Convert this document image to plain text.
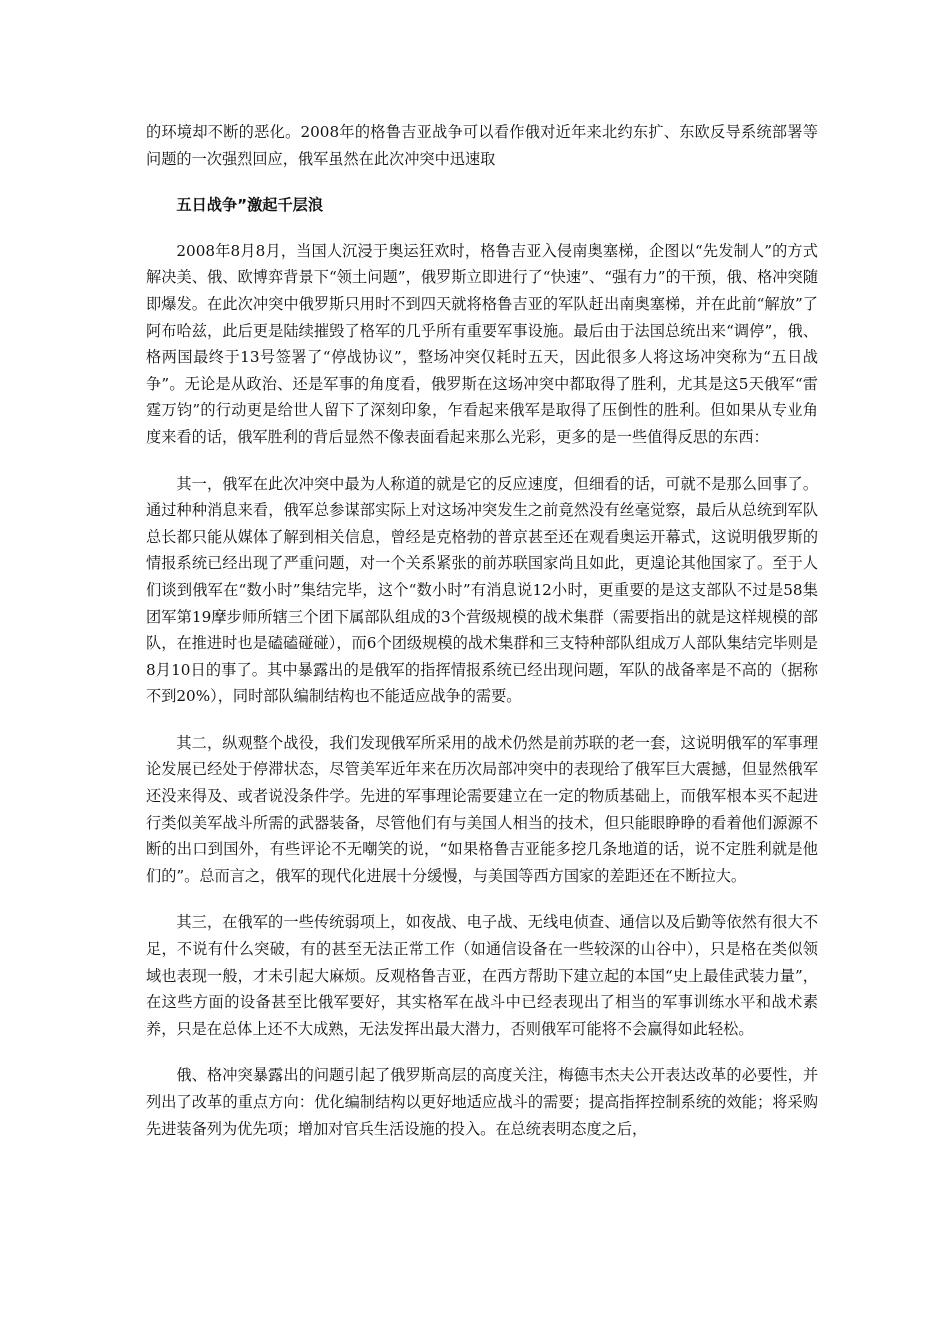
的环境却不断的恶化。2008年的格鲁吉亚战争可以看作俄对近年来北约东扩、东欧反导系统部署等问题的一次强烈回应，俄军虽然在此次冲突中迅速取

五日战争”激起千层浪

2008年8月8月，当国人沉浸于奥运狂欢时，格鲁吉亚入侵南奥塞梯，企图以“先发制人”的方式解决美、俄、欧博弈背景下“领土问题”，俄罗斯立即进行了“快速”、“强有力”的干预，俄、格冲突随即爆发。在此次冲突中俄罗斯只用时不到四天就将格鲁吉亚的军队赶出南奥塞梯，并在此前“解放”了阿布哈兹，此后更是陆续摧毁了格军的几乎所有重要军事设施。最后由于法国总统出来“调停”，俄、格两国最终于13号签署了“停战协议”，整场冲突仅耗时五天，因此很多人将这场冲突称为“五日战争”。无论是从政治、还是军事的角度看，俄罗斯在这场冲突中都取得了胜利，尤其是这5天俄军“雷霆万钧”的行动更是给世人留下了深刻印象，乍看起来俄军是取得了压倒性的胜利。但如果从专业角度来看的话，俄军胜利的背后显然不像表面看起来那么光彩，更多的是一些值得反思的东西：

其一，俄军在此次冲突中最为人称道的就是它的反应速度，但细看的话，可就不是那么回事了。通过种种消息来看，俄军总参谋部实际上对这场冲突发生之前竟然没有丝毫觉察，最后从总统到军队总长都只能从媒体了解到相关信息，曾经是克格勃的普京甚至还在观看奥运开幕式，这说明俄罗斯的情报系统已经出现了严重问题，对一个关系紧张的前苏联国家尚且如此，更遑论其他国家了。至于人们谈到俄军在“数小时”集结完毕，这个“数小时”有消息说12小时，更重要的是这支部队不过是58集团军第19摩步师所辖三个团下属部队组成的3个营级规模的战术集群（需要指出的就是这样规模的部队，在推进时也是磕磕碰碰），而6个团级规模的战术集群和三支特种部队组成万人部队集结完毕则是8月10日的事了。其中暴露出的是俄军的指挥情报系统已经出现问题，军队的战备率是不高的（据称不到20%），同时部队编制结构也不能适应战争的需要。

其二，纵观整个战役，我们发现俄军所采用的战术仍然是前苏联的老一套，这说明俄军的军事理论发展已经处于停滞状态，尽管美军近年来在历次局部冲突中的表现给了俄军巨大震撼，但显然俄军还没来得及、或者说没条件学。先进的军事理论需要建立在一定的物质基础上，而俄军根本买不起进行类似美军战斗所需的武器装备，尽管他们有与美国人相当的技术，但只能眼睁睁的看着他们源源不断的出口到国外，有些评论不无嘲笑的说，“如果格鲁吉亚能多挖几条地道的话，说不定胜利就是他们的”。总而言之，俄军的现代化进展十分缓慢，与美国等西方国家的差距还在不断拉大。

其三，在俄军的一些传统弱项上，如夜战、电子战、无线电侦查、通信以及后勤等依然有很大不足，不说有什么突破，有的甚至无法正常工作（如通信设备在一些较深的山谷中），只是格在类似领域也表现一般，才未引起大麻烦。反观格鲁吉亚，在西方帮助下建立起的本国“史上最佳武装力量”，在这些方面的设备甚至比俄军要好，其实格军在战斗中已经表现出了相当的军事训练水平和战术素养，只是在总体上还不大成熟，无法发挥出最大潜力，否则俄军可能将不会赢得如此轻松。

俄、格冲突暴露出的问题引起了俄罗斯高层的高度关注，梅德韦杰夫公开表达改革的必要性，并列出了改革的重点方向：优化编制结构以更好地适应战斗的需要；提高指挥控制系统的效能；将采购先进装备列为优先项；增加对官兵生活设施的投入。在总统表明态度之后，
